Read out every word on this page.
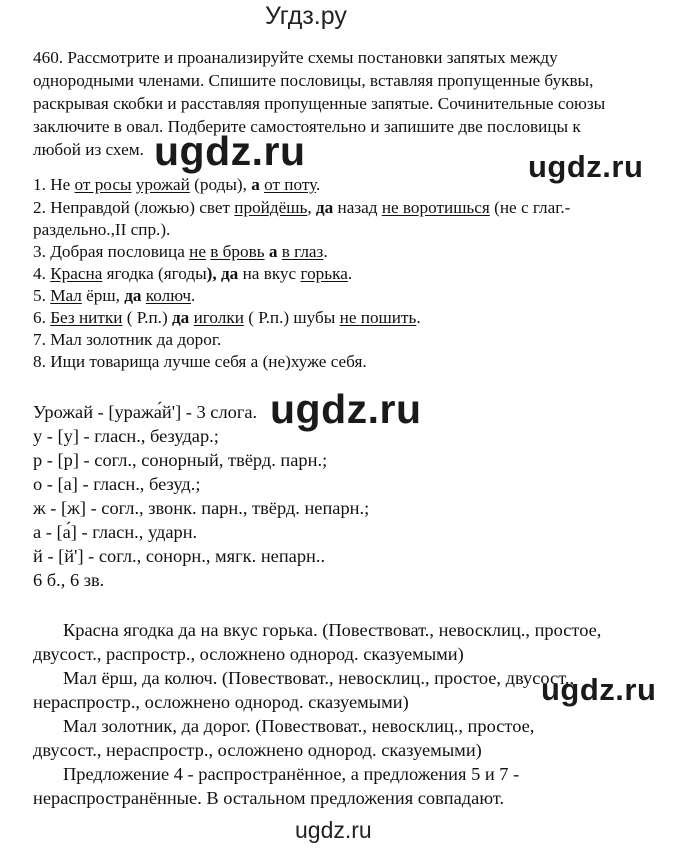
Угдз.ру
460. Рассмотрите и проанализируйте схемы постановки запятых между
однородными членами. Спишите пословицы, вставляя пропущенные буквы,
раскрывая скобки и расставляя пропущенные запятые. Сочинительные союзы
заключите в овал. Подберите самостоятельно и запишите две пословицы к
любой из схем. ugdz.ru	ugdz.ru
1. Не от росы урожай (роды), а от поту.
2. Неправдой (ложью) свет пройдёшь, да назад не воротишься (не с глаг.-
раздельно.,II спр.).
3. Добрая пословица не в бровь а в глаз.
4. Красна ягодка (ягоды), да на вкус горька.
5. Мал ёрш, да колюч.
6. Без нитки ( Р.п.) да иголки ( Р.п.) шубы не пошить.
7. Мал золотник да дорог.
8. Ищи товарища лучше себя а (не)хуже себя.
Урожай - [уража́й'] - 3 слога.
у - [у] - гласн., безудар.;
р - [р] - согл., сонорный, твёрд. парн.;
о - [а] - гласн., безуд.;
ж - [ж] - согл., звонк. парн., твёрд. непарн.;
а - [а́] - гласн., ударн.
й - [й'] - согл., сонорн., мягк. непарн..
6 б., 6 зв.
ugdz.ru
Красна ягодка да на вкус горька. (Повествоват., невосклиц., простое,
двусост., распростр., осложнено однород. сказуемыми)
Мал ёрш, да колюч. (Повествоват., невосклиц., простое, двусост.,
нераспростр., осложнено однород. сказуемыми)
Мал золотник, да дорог. (Повествоват., невосклиц., простое,
двусост., нераспростр., осложнено однород. сказуемыми)
Предложение 4 - распространённое, а предложения 5 и 7 -
нераспространённые. В остальном предложения совпадают.
ugdz.ru
ugdz.ru
